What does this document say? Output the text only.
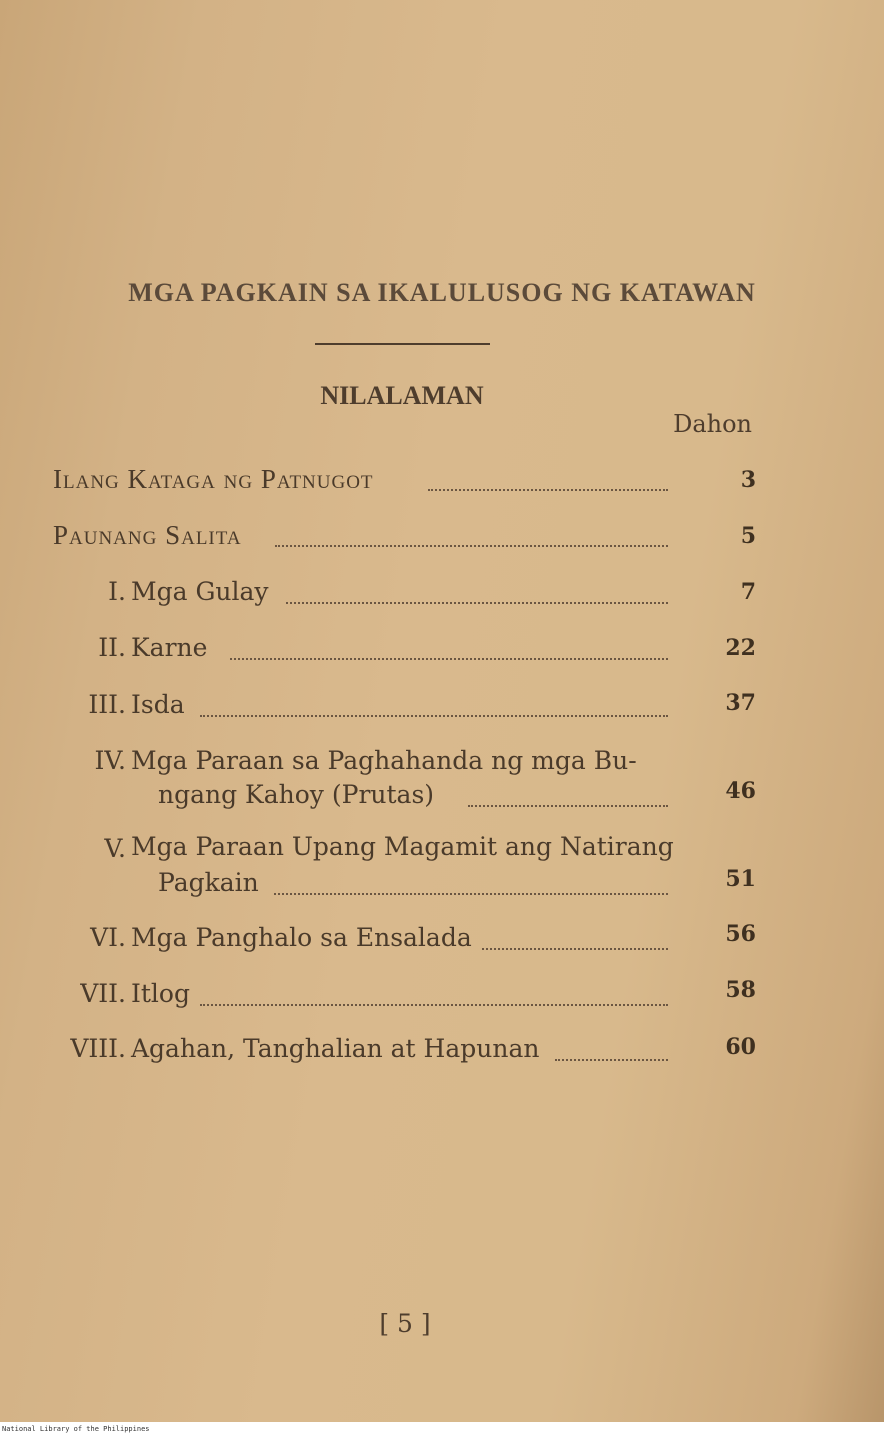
MGA PAGKAIN SA IKALULUSOG NG KATAWAN
NILALAMAN
Dahon
Ilang Kataga ng Patnugot	3
Paunang Salita	5
I. Mga Gulay	7
II. Karne	22
III. Isda	37
IV. Mga Paraan sa Paghahanda ng mga Bu-
ngang Kahoy (Prutas)	46
V. Mga Paraan Upang Magamit ang Natirang
Pagkain	51
VI. Mga Panghalo sa Ensalada	56
VII. Itlog	58
VIII. Agahan, Tanghalian at Hapunan	60
[ 5 ]
National Library of the Philippines
